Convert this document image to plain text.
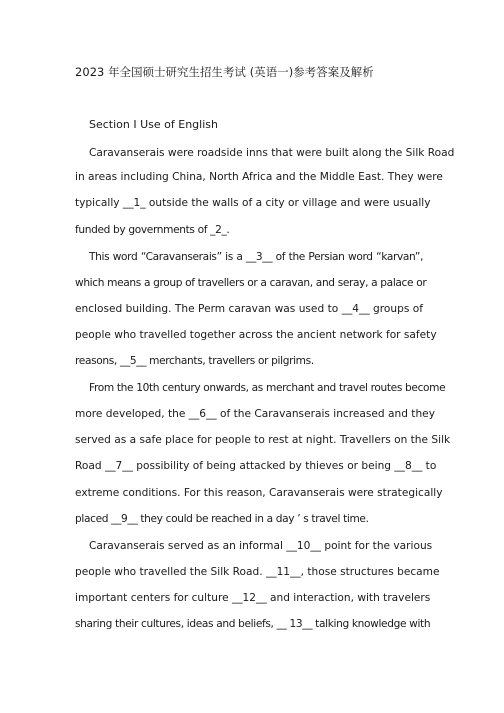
2023 年全国硕士研究生招生考试 (英语一)参考答案及解析
Section Ⅰ Use of English
Caravanserais were roadside inns that were built along the Silk Road
in areas including China, North Africa and the Middle East. They were
typically __1_ outside the walls of a city or village and were usually
funded by governments of _2_.
This word “Caravanserais” is a __3__ of the Persian word “karvan”,
which means a group of travellers or a caravan, and seray, a palace or
enclosed building. The Perm caravan was used to __4__ groups of
people who travelled together across the ancient network for safety
reasons, __5__ merchants, travellers or pilgrims.
From the 10th century onwards, as merchant and travel routes become
more developed, the __6__ of the Caravanserais increased and they
served as a safe place for people to rest at night. Travellers on the Silk
Road __7__ possibility of being attacked by thieves or being __8__ to
extreme conditions. For this reason, Caravanserais were strategically
placed __9__ they could be reached in a day ’ s travel time.
Caravanserais served as an informal __10__ point for the various
people who travelled the Silk Road. __11__, those structures became
important centers for culture __12__ and interaction, with travelers
sharing their cultures, ideas and beliefs, __ 13__ talking knowledge with
